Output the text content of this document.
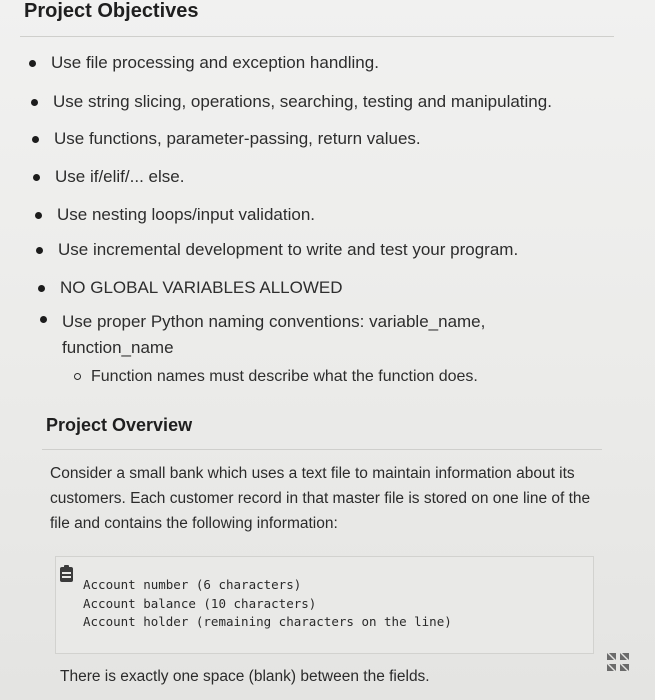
Project Objectives
Use file processing and exception handling.
Use string slicing, operations, searching, testing and manipulating.
Use functions, parameter-passing, return values.
Use if/elif/... else.
Use nesting loops/input validation.
Use incremental development to write and test your program.
NO GLOBAL VARIABLES ALLOWED
Use proper Python naming conventions: variable_name, function_name
Function names must describe what the function does.
Project Overview
Consider a small bank which uses a text file to maintain information about its customers. Each customer record in that master file is stored on one line of the file and contains the following information:
Account number (6 characters)
Account balance (10 characters)
Account holder (remaining characters on the line)
There is exactly one space (blank) between the fields.
